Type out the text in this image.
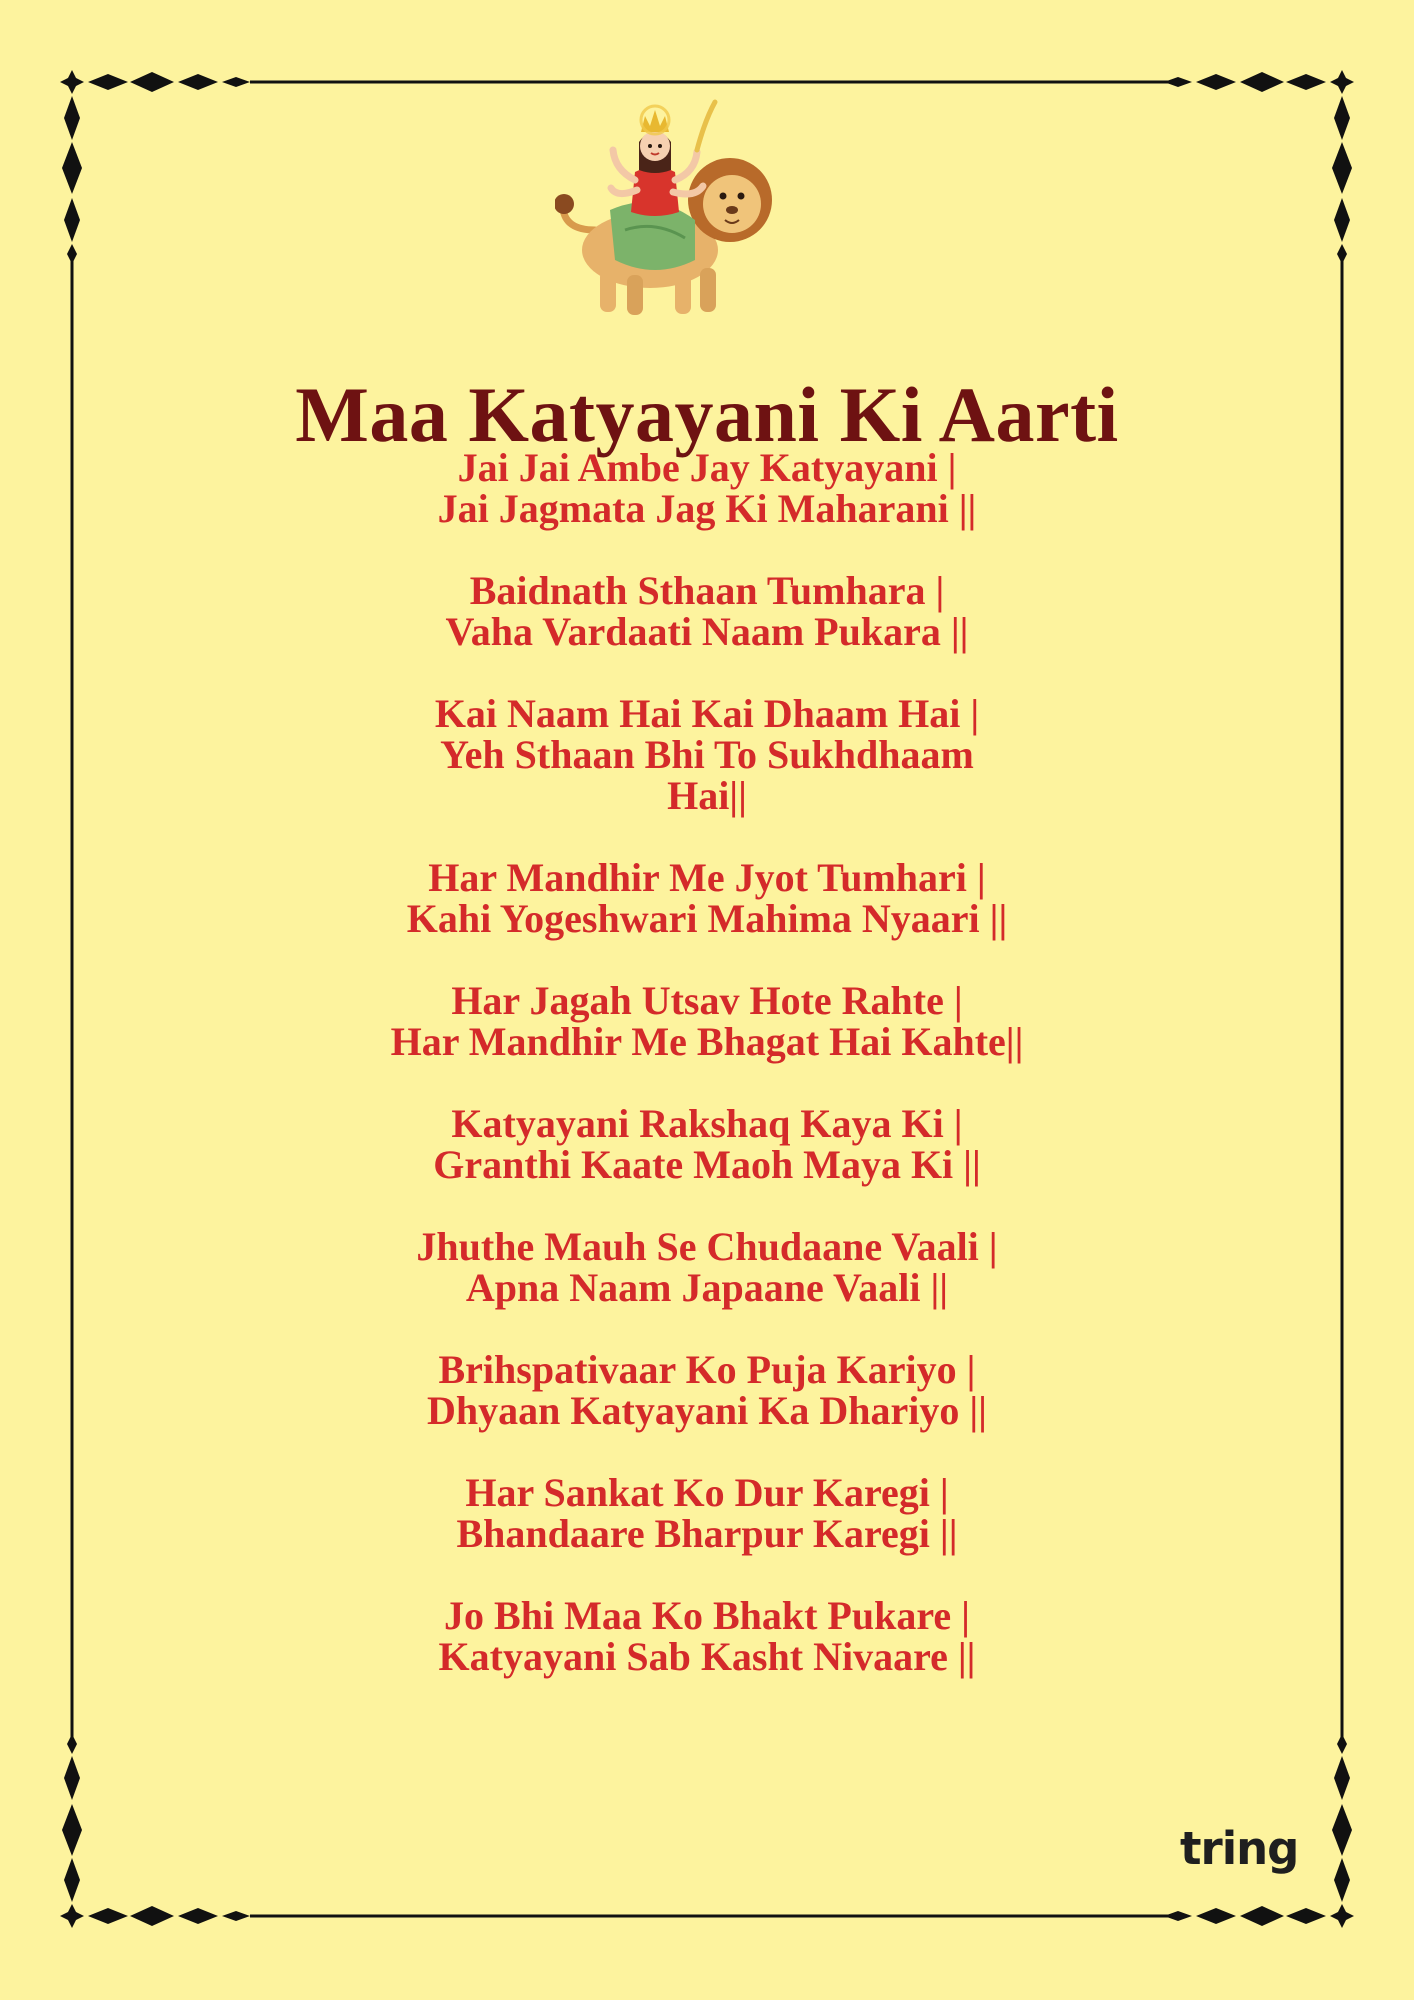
Maa Katyayani Ki Aarti
Jai Jai Ambe Jay Katyayani |
Jai Jagmata Jag Ki Maharani ||
Baidnath Sthaan Tumhara |
Vaha Vardaati Naam Pukara ||
Kai Naam Hai Kai Dhaam Hai |
Yeh Sthaan Bhi To Sukhdhaam
Hai||
Har Mandhir Me Jyot Tumhari |
Kahi Yogeshwari Mahima Nyaari ||
Har Jagah Utsav Hote Rahte |
Har Mandhir Me Bhagat Hai Kahte||
Katyayani Rakshaq Kaya Ki |
Granthi Kaate Maoh Maya Ki ||
Jhuthe Mauh Se Chudaane Vaali |
Apna Naam Japaane Vaali ||
Brihspativaar Ko Puja Kariyo |
Dhyaan Katyayani Ka Dhariyo ||
Har Sankat Ko Dur Karegi |
Bhandaare Bharpur Karegi ||
Jo Bhi Maa Ko Bhakt Pukare |
Katyayani Sab Kasht Nivaare ||
tring
